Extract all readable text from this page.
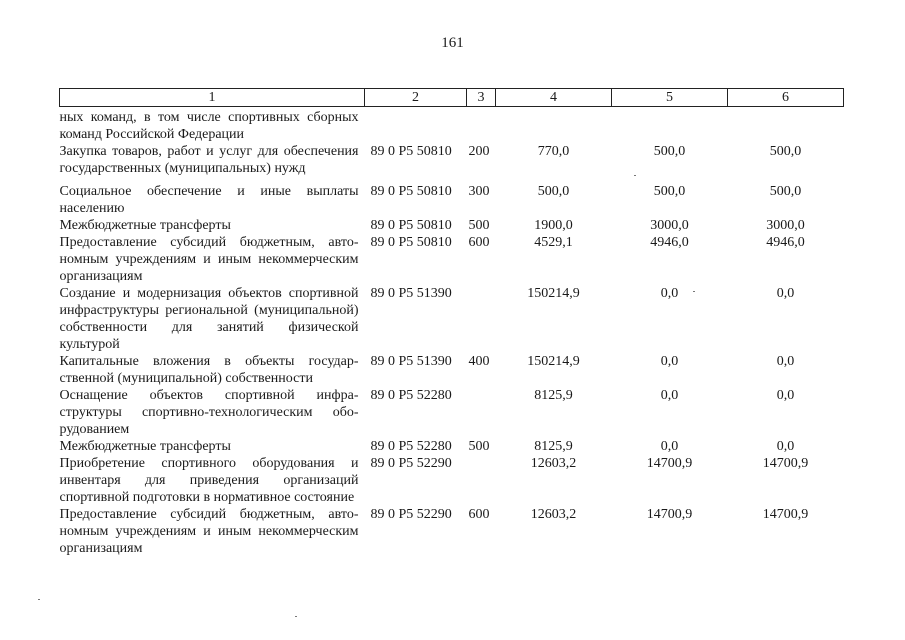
161
1	2	3	4	5	6
ных команд, в том числе спортивных сборных команд Российской Федерации					
Закупка товаров, работ и услуг для обеспечения государственных (муниципальных) нужд	89 0 P5 50810	200	770,0	500,0	500,0
Социальное обеспечение и иные выплаты населению	89 0 P5 50810	300	500,0	500,0	500,0
Межбюджетные трансферты	89 0 P5 50810	500	1900,0	3000,0	3000,0
Предоставление субсидий бюджетным, автономным учреждениям и иным некоммерческим организациям	89 0 P5 50810	600	4529,1	4946,0	4946,0
Создание и модернизация объектов спортивной инфраструктуры региональной (муниципальной) собственности для занятий физической культурой	89 0 P5 51390		150214,9	0,0	0,0
Капитальные вложения в объекты государственной (муниципальной) собственности	89 0 P5 51390	400	150214,9	0,0	0,0
Оснащение объектов спортивной инфраструктуры спортивно-технологическим оборудованием	89 0 P5 52280		8125,9	0,0	0,0
Межбюджетные трансферты	89 0 P5 52280	500	8125,9	0,0	0,0
Приобретение спортивного оборудования и инвентаря для приведения организаций спортивной подготовки в нормативное состояние	89 0 P5 52290		12603,2	14700,9	14700,9
Предоставление субсидий бюджетным, автономным учреждениям и иным некоммерческим организациям	89 0 P5 52290	600	12603,2	14700,9	14700,9
